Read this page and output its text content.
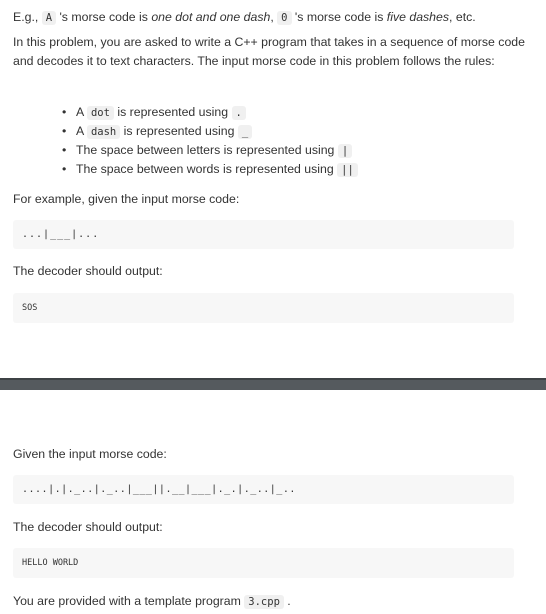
E.g., A 's morse code is one dot and one dash, 0 's morse code is five dashes, etc.

In this problem, you are asked to write a C++ program that takes in a sequence of morse code and decodes it to text characters. The input morse code in this problem follows the rules:

• A dot is represented using .
• A dash is represented using _
• The space between letters is represented using |
• The space between words is represented using ||

For example, given the input morse code:

...|___|...

The decoder should output:

SOS

Given the input morse code:

....|.|._..|._..|___||.__|___|._.|._..|_..

The decoder should output:

HELLO WORLD

You are provided with a template program 3.cpp .
